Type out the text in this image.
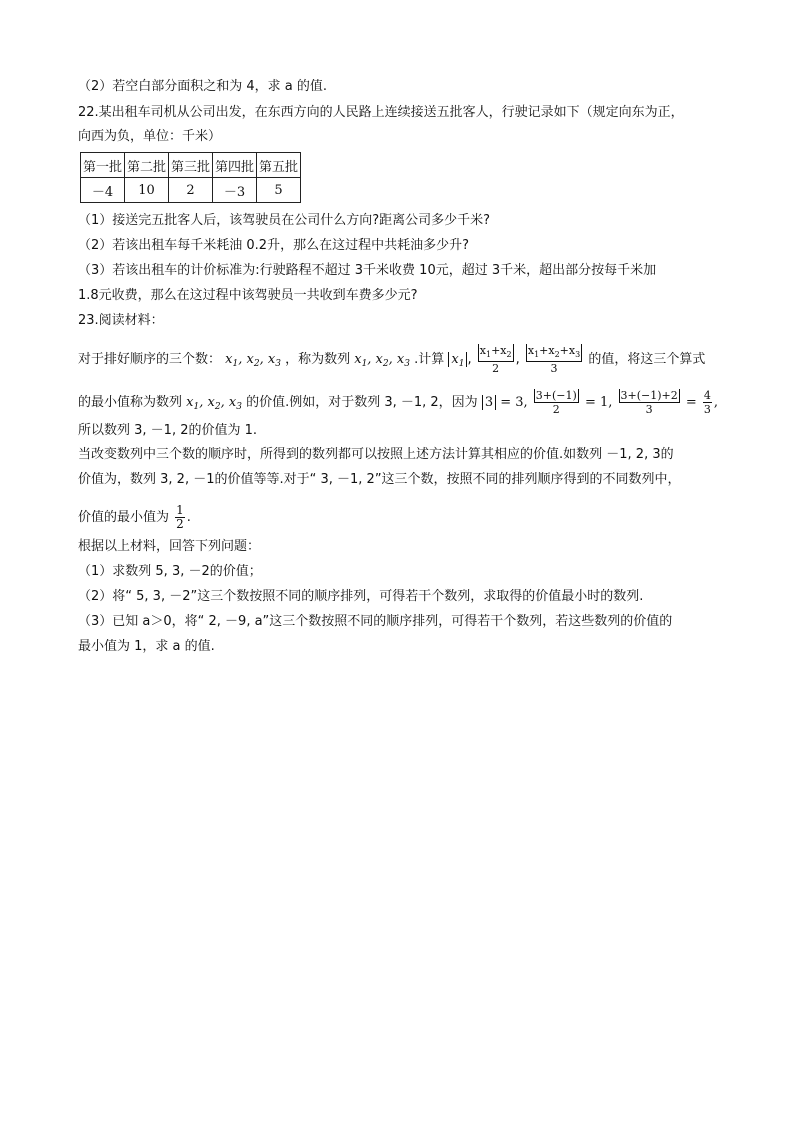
（2）若空白部分面积之和为 4，求 a 的值.
22.某出租车司机从公司出发，在东西方向的人民路上连续接送五批客人，行驶记录如下（规定向东为正，
向西为负，单位：千米）
第一批	第二批	第三批	第四批	第五批
－4	10	2	－3	5
（1）接送完五批客人后，该驾驶员在公司什么方向?距离公司多少千米?
（2）若该出租车每千米耗油 0.2升，那么在这过程中共耗油多少升?
（3）若该出租车的计价标准为:行驶路程不超过 3千米收费 10元，超过 3千米，超出部分按每千米加
1.8元收费，那么在这过程中该驾驶员一共收到车费多少元?
23.阅读材料：
对于排好顺序的三个数： $x_1$, $x_2$, $x_3$ ，称为数列 $x_1$, $x_2$, $x_3$ .计算 $x_1$ , $\frac{x_1+x_2}{2}$ , $\frac{x_1+x_2+x_3}{3}$ 的值，将这三个算式
的最小值称为数列 $x_1$, $x_2$, $x_3$ 的价值.例如，对于数列 3, －1, 2，因为 3 = 3, $\frac{3+(-1)}{2} = 1$, $\frac{3+(-1)+2}{3} = \frac{4}{3}$ ,
所以数列 3, －1, 2的价值为 1.
当改变数列中三个数的顺序时，所得到的数列都可以按照上述方法计算其相应的价值.如数列 －1, 2, 3的
价值为，数列 3, 2, －1的价值等等.对于“ 3, －1, 2”这三个数，按照不同的排列顺序得到的不同数列中，
价值的最小值为 $\frac{1}{2}$ .
根据以上材料，回答下列问题：
（1）求数列 5, 3, －2的价值；
（2）将“ 5, 3, －2”这三个数按照不同的顺序排列，可得若干个数列，求取得的价值最小时的数列.
（3）已知 a＞0，将“ 2, －9, a”这三个数按照不同的顺序排列，可得若干个数列，若这些数列的价值的
最小值为 1，求 a 的值.
